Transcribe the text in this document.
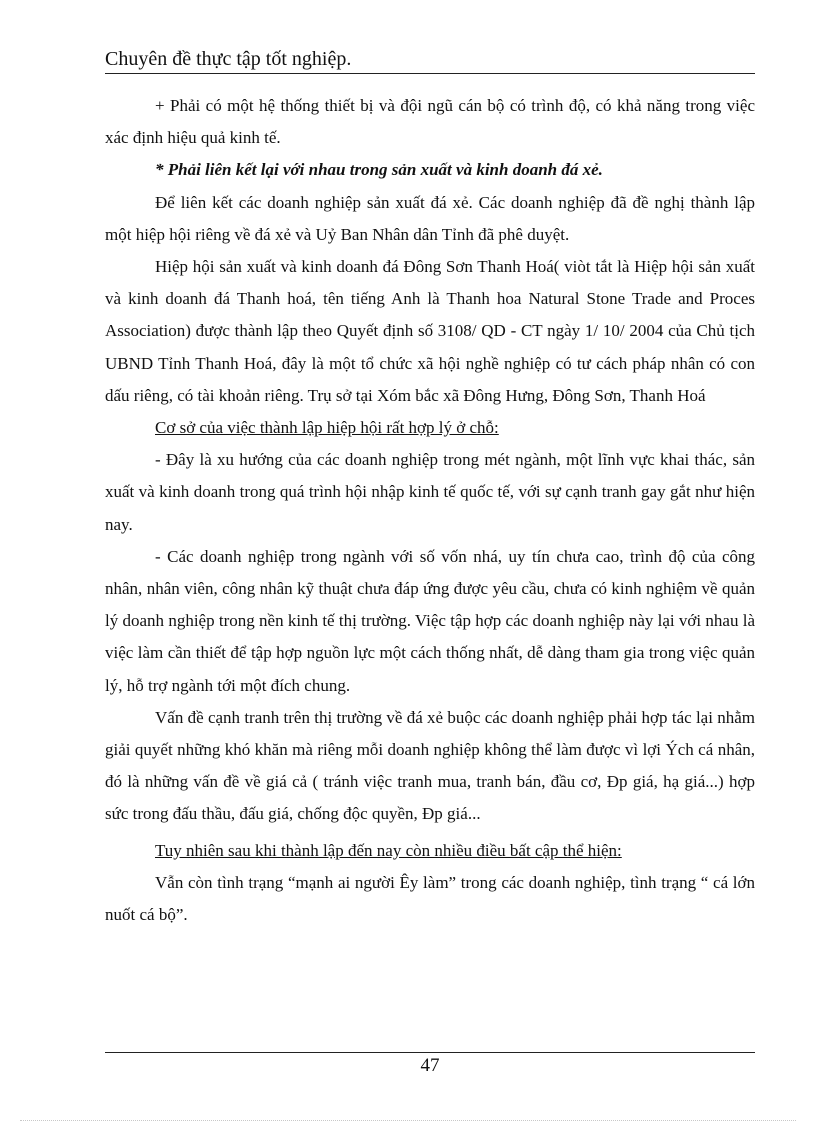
Chuyên đề thực tập tốt nghiệp.

+ Phải có một hệ thống thiết bị và đội ngũ cán bộ có trình độ, có khả năng trong việc xác định hiệu quả kinh tế.

* Phải liên kết lại với nhau trong sản xuất và kinh doanh đá xẻ.

Để liên kết các doanh nghiệp sản xuất đá xẻ. Các doanh nghiệp đã đề nghị thành lập một hiệp hội riêng về đá xẻ và Uỷ Ban Nhân dân Tỉnh đã phê duyệt.

Hiệp hội sản xuất và kinh doanh đá Đông Sơn Thanh Hoá( viòt tắt là Hiệp hội sản xuất và kinh doanh đá Thanh hoá, tên tiếng Anh là Thanh hoa Natural Stone Trade and Proces Association) được thành lập theo Quyết định số 3108/ QD - CT ngày 1/ 10/ 2004 của Chủ tịch UBND Tỉnh Thanh Hoá, đây là một tổ chức xã hội nghề nghiệp có tư cách pháp nhân có con dấu riêng, có tài khoản riêng. Trụ sở tại Xóm bắc xã Đông Hưng, Đông Sơn, Thanh Hoá

Cơ sở của việc thành lập hiệp hội rất hợp lý ở chỗ:

- Đây là xu hướng của các doanh nghiệp trong mét ngành, một lĩnh vực khai thác, sản xuất và kinh doanh trong quá trình hội nhập kinh tế quốc tế, với sự cạnh tranh gay gắt như hiện nay.

- Các doanh nghiệp trong ngành với số vốn nhá, uy tín chưa cao, trình độ của công nhân, nhân viên, công nhân kỹ thuật chưa đáp ứng được yêu cầu, chưa có kinh nghiệm về quản lý doanh nghiệp trong nền kinh tế thị trường. Việc tập hợp các doanh nghiệp này lại với nhau là việc làm cần thiết để tập hợp nguồn lực một cách thống nhất, dễ dàng tham gia trong việc quản lý, hỗ trợ ngành tới một đích chung.

Vấn đề cạnh tranh trên thị trường về đá xẻ buộc các doanh nghiệp phải hợp tác lại nhằm giải quyết những khó khăn mà riêng mỗi doanh nghiệp không thể làm được vì lợi Ých cá nhân, đó là những vấn đề về giá cả ( tránh việc tranh mua, tranh bán, đầu cơ, Ðp giá, hạ giá...) hợp sức trong đấu thầu, đấu giá, chống độc quyền, Ðp giá...

Tuy nhiên sau khi thành lập đến nay còn nhiều điều bất cập thể hiện:

Vẫn còn tình trạng “mạnh ai người Êy làm” trong các doanh nghiệp, tình trạng “ cá lớn nuốt cá bộ”.

47
